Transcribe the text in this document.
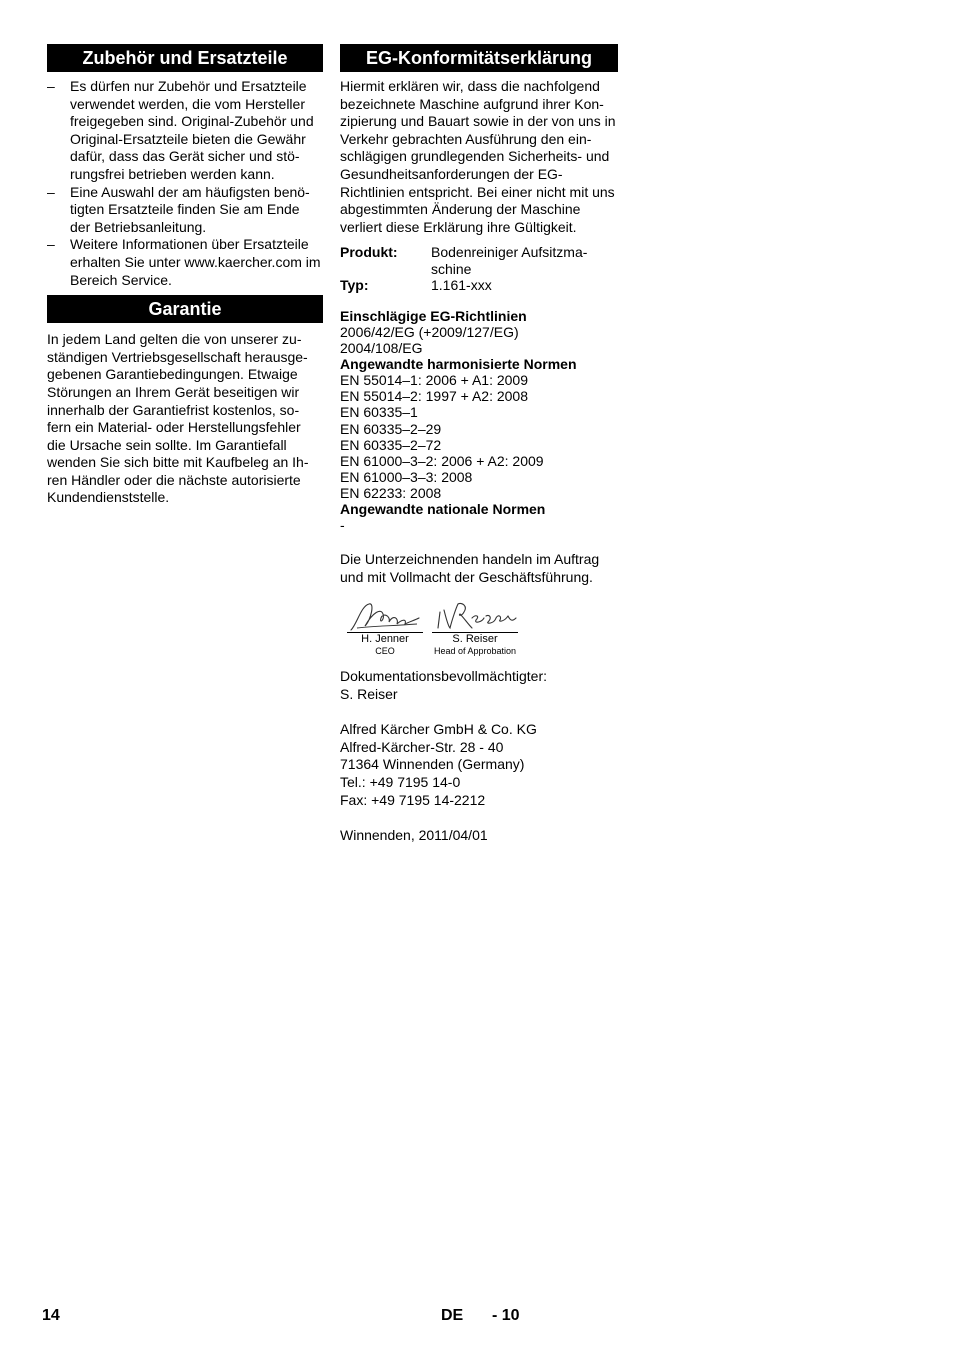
Zubehör und Ersatzteile
– Es dürfen nur Zubehör und Ersatzteile verwendet werden, die vom Hersteller freigegeben sind. Original-Zubehör und Original-Ersatzteile bieten die Gewähr dafür, dass das Gerät sicher und stö-rungsfrei betrieben werden kann.
– Eine Auswahl der am häufigsten benö-tigten Ersatzteile finden Sie am Ende der Betriebsanleitung.
– Weitere Informationen über Ersatzteile erhalten Sie unter www.kaercher.com im Bereich Service.
Garantie

In jedem Land gelten die von unserer zu-ständigen Vertriebsgesellschaft herausge-gebenen Garantiebedingungen. Etwaige Störungen an Ihrem Gerät beseitigen wir innerhalb der Garantiefrist kostenlos, so-fern ein Material- oder Herstellungsfehler die Ursache sein sollte. Im Garantiefall wenden Sie sich bitte mit Kaufbeleg an Ih-ren Händler oder die nächste autorisierte Kundendienststelle.

EG-Konformitätserklärung

Hiermit erklären wir, dass die nachfolgend bezeichnete Maschine aufgrund ihrer Kon-zipierung und Bauart sowie in der von uns in Verkehr gebrachten Ausführung den ein-schlägigen grundlegenden Sicherheits- und Gesundheitsanforderungen der EG-Richtlinien entspricht. Bei einer nicht mit uns abgestimmten Änderung der Maschine verliert diese Erklärung ihre Gültigkeit.

Produkt:	Bodenreiniger Aufsitzma-
schine
Typ:	1.161-xxx
Einschlägige EG-Richtlinien
2006/42/EG (+2009/127/EG)
2004/108/EG
Angewandte harmonisierte Normen
EN 55014–1: 2006 + A1: 2009
EN 55014–2: 1997 + A2: 2008
EN 60335–1
EN 60335–2–29
EN 60335–2–72
EN 61000–3–2: 2006 + A2: 2009
EN 61000–3–3: 2008
EN 62233: 2008
Angewandte nationale Normen
-

Die Unterzeichnenden handeln im Auftrag und mit Vollmacht der Geschäftsführung.

H. Jenner
CEO
S. Reiser
Head of Approbation

Dokumentationsbevollmächtigter:

S. Reiser

Alfred Kärcher GmbH & Co. KG
Alfred-Kärcher-Str. 28 - 40
71364 Winnenden (Germany)
Tel.: +49 7195 14-0
Fax: +49 7195 14-2212

Winnenden, 2011/04/01

14	DE - 10
